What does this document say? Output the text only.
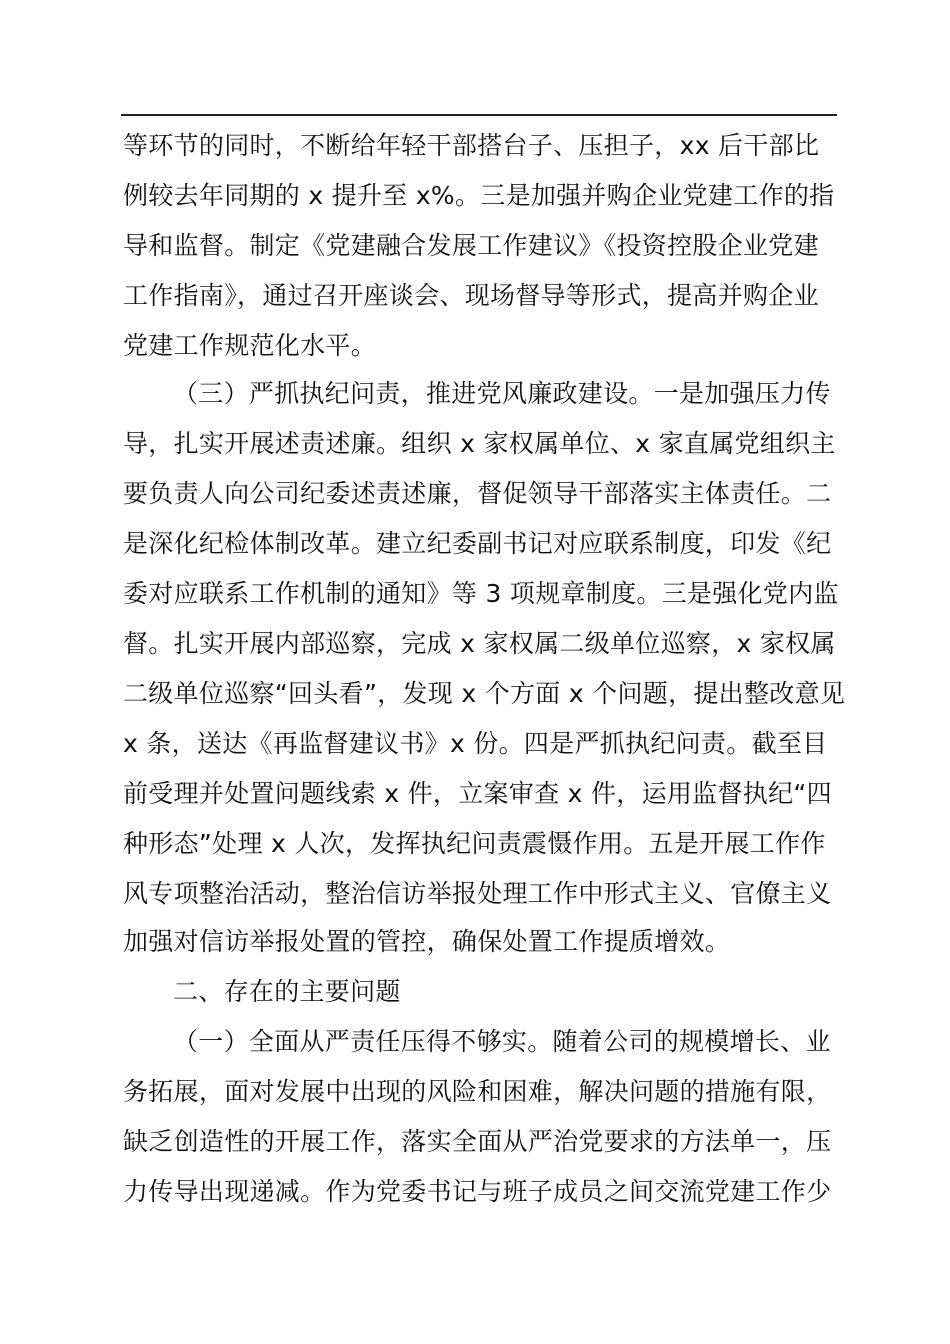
等环节的同时，不断给年轻干部搭台子、压担子，xx 后干部比
例较去年同期的 x 提升至 x%。三是加强并购企业党建工作的指
导和监督。制定《党建融合发展工作建议》《投资控股企业党建
工作指南》，通过召开座谈会、现场督导等形式，提高并购企业
党建工作规范化水平。
（三）严抓执纪问责，推进党风廉政建设。一是加强压力传
导，扎实开展述责述廉。组织 x 家权属单位、x 家直属党组织主
要负责人向公司纪委述责述廉，督促领导干部落实主体责任。二
是深化纪检体制改革。建立纪委副书记对应联系制度，印发《纪
委对应联系工作机制的通知》等 3 项规章制度。三是强化党内监
督。扎实开展内部巡察，完成 x 家权属二级单位巡察，x 家权属
二级单位巡察“回头看”，发现 x 个方面 x 个问题，提出整改意见
x 条，送达《再监督建议书》x 份。四是严抓执纪问责。截至目
前受理并处置问题线索 x 件，立案审查 x 件，运用监督执纪“四
种形态”处理 x 人次，发挥执纪问责震慑作用。五是开展工作作
风专项整治活动，整治信访举报处理工作中形式主义、官僚主义
加强对信访举报处置的管控，确保处置工作提质增效。
二、存在的主要问题
（一）全面从严责任压得不够实。随着公司的规模增长、业
务拓展，面对发展中出现的风险和困难，解决问题的措施有限，
缺乏创造性的开展工作，落实全面从严治党要求的方法单一，压
力传导出现递减。作为党委书记与班子成员之间交流党建工作少
